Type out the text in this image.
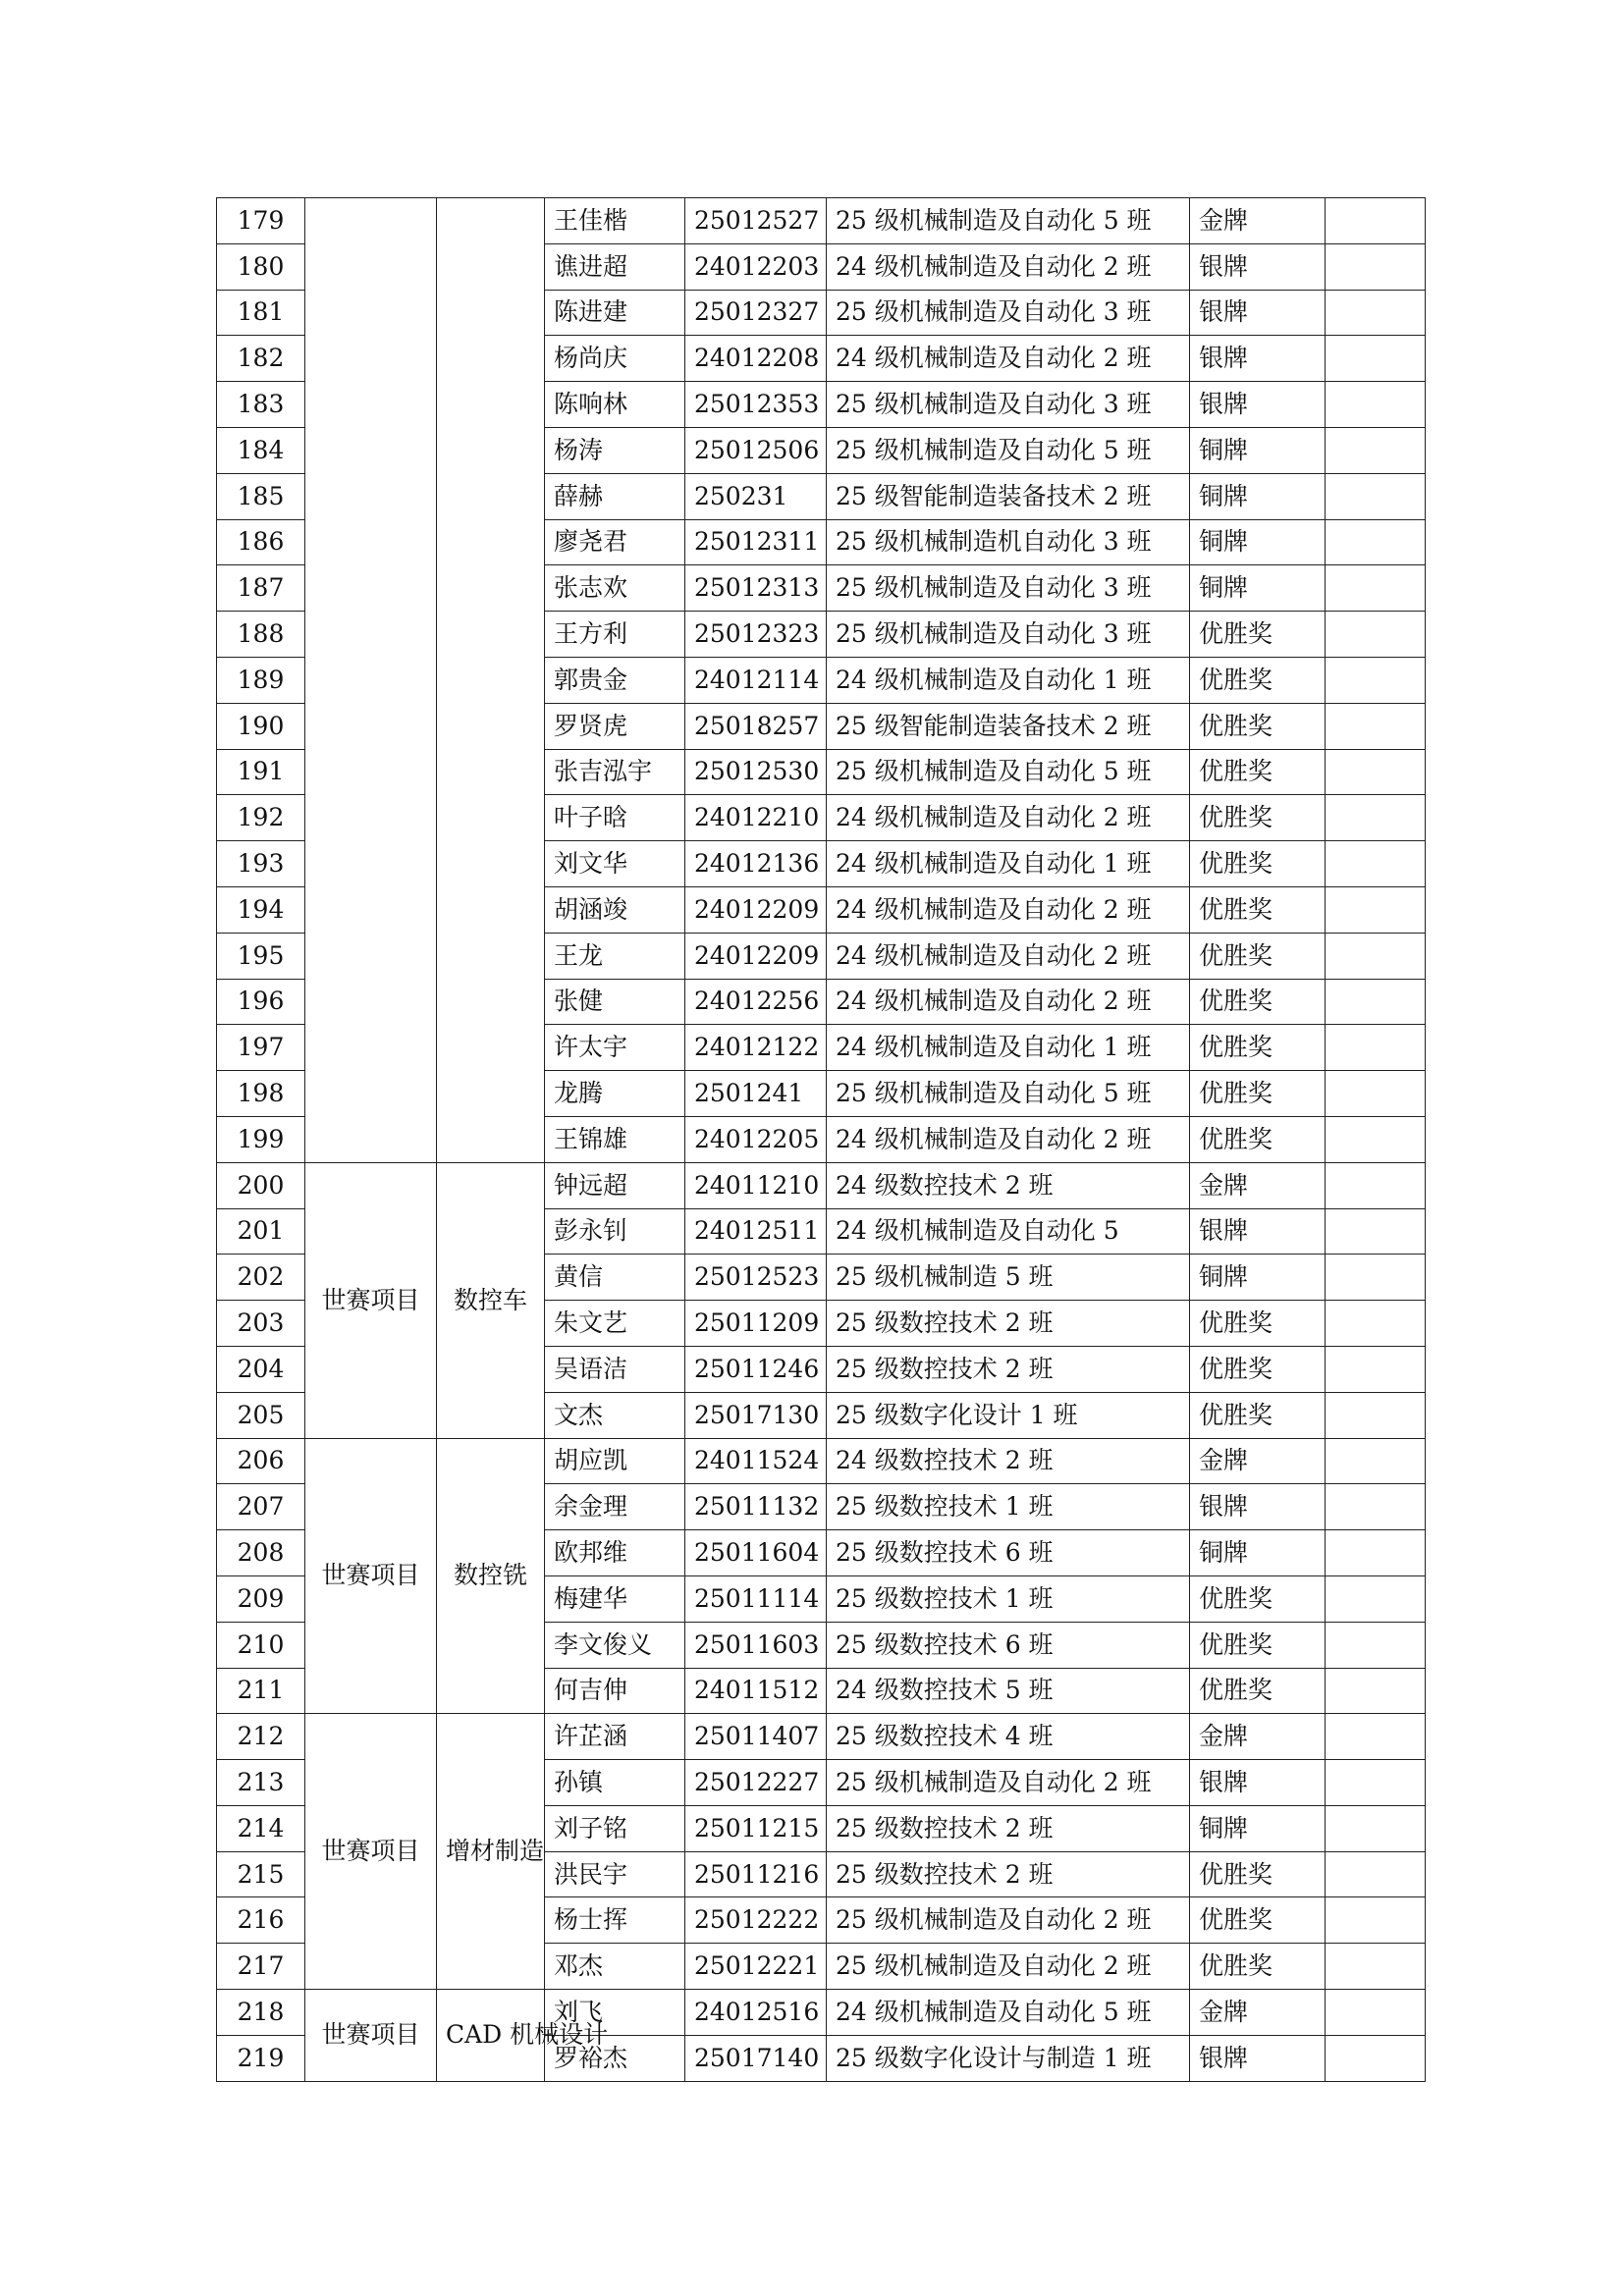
179			王佳楷	25012527	25 级机械制造及自动化 5 班	金牌	
180			谯进超	24012203	24 级机械制造及自动化 2 班	银牌	
181			陈进建	25012327	25 级机械制造及自动化 3 班	银牌	
182			杨尚庆	24012208	24 级机械制造及自动化 2 班	银牌	
183			陈响林	25012353	25 级机械制造及自动化 3 班	银牌	
184			杨涛	25012506	25 级机械制造及自动化 5 班	铜牌	
185			薛赫	250231	25 级智能制造装备技术 2 班	铜牌	
186			廖尧君	25012311	25 级机械制造机自动化 3 班	铜牌	
187			张志欢	25012313	25 级机械制造及自动化 3 班	铜牌	
188			王方利	25012323	25 级机械制造及自动化 3 班	优胜奖	
189			郭贵金	24012114	24 级机械制造及自动化 1 班	优胜奖	
190			罗贤虎	25018257	25 级智能制造装备技术 2 班	优胜奖	
191			张吉泓宇	25012530	25 级机械制造及自动化 5 班	优胜奖	
192			叶子晗	24012210	24 级机械制造及自动化 2 班	优胜奖	
193			刘文华	24012136	24 级机械制造及自动化 1 班	优胜奖	
194			胡涵竣	24012209	24 级机械制造及自动化 2 班	优胜奖	
195			王龙	24012209	24 级机械制造及自动化 2 班	优胜奖	
196			张健	24012256	24 级机械制造及自动化 2 班	优胜奖	
197			许太宇	24012122	24 级机械制造及自动化 1 班	优胜奖	
198			龙腾	2501241	25 级机械制造及自动化 5 班	优胜奖	
199			王锦雄	24012205	24 级机械制造及自动化 2 班	优胜奖	
200	世赛项目	数控车	钟远超	24011210	24 级数控技术 2 班	金牌	
201			彭永钊	24012511	24 级机械制造及自动化 5	银牌	
202			黄信	25012523	25 级机械制造 5 班	铜牌	
203			朱文艺	25011209	25 级数控技术 2 班	优胜奖	
204			吴语洁	25011246	25 级数控技术 2 班	优胜奖	
205			文杰	25017130	25 级数字化设计 1 班	优胜奖	
206	世赛项目	数控铣	胡应凯	24011524	24 级数控技术 2 班	金牌	
207			余金理	25011132	25 级数控技术 1 班	银牌	
208			欧邦维	25011604	25 级数控技术 6 班	铜牌	
209			梅建华	25011114	25 级数控技术 1 班	优胜奖	
210			李文俊义	25011603	25 级数控技术 6 班	优胜奖	
211			何吉伸	24011512	24 级数控技术 5 班	优胜奖	
212	世赛项目	增材制造	许芷涵	25011407	25 级数控技术 4 班	金牌	
213			孙镇	25012227	25 级机械制造及自动化 2 班	银牌	
214			刘子铭	25011215	25 级数控技术 2 班	铜牌	
215			洪民宇	25011216	25 级数控技术 2 班	优胜奖	
216			杨士挥	25012222	25 级机械制造及自动化 2 班	优胜奖	
217			邓杰	25012221	25 级机械制造及自动化 2 班	优胜奖	
218	世赛项目	CAD 机械设计	刘飞	24012516	24 级机械制造及自动化 5 班	金牌	
219			罗裕杰	25017140	25 级数字化设计与制造 1 班	银牌	
